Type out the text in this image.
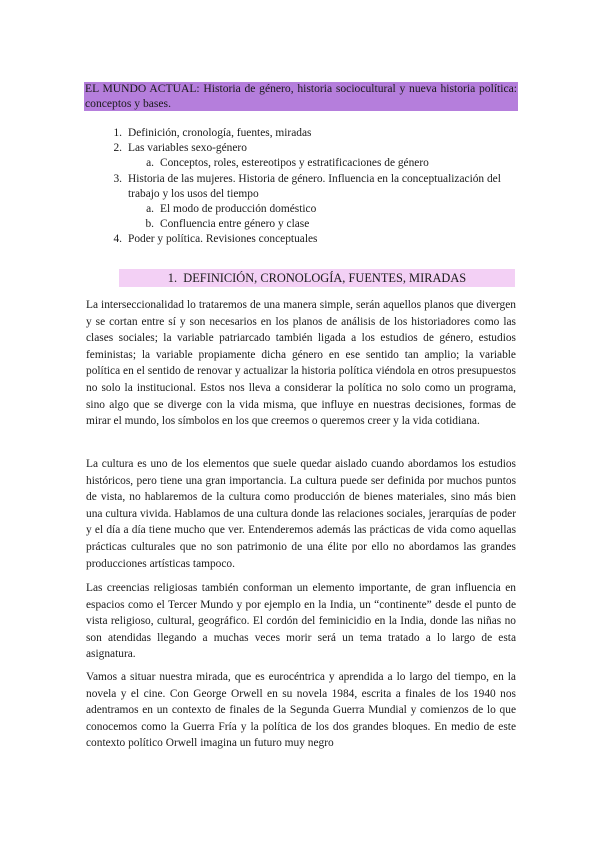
EL MUNDO ACTUAL: Historia de género, historia sociocultural y nueva historia política: conceptos y bases.
1. Definición, cronología, fuentes, miradas
2. Las variables sexo-género
a. Conceptos, roles, estereotipos y estratificaciones de género
3. Historia de las mujeres. Historia de género. Influencia en la conceptualización del trabajo y los usos del tiempo
a. El modo de producción doméstico
b. Confluencia entre género y clase
4. Poder y política. Revisiones conceptuales
1. DEFINICIÓN, CRONOLOGÍA, FUENTES, MIRADAS

La interseccionalidad lo trataremos de una manera simple, serán aquellos planos que divergen y se cortan entre sí y son necesarios en los planos de análisis de los historiadores como las clases sociales; la variable patriarcado también ligada a los estudios de género, estudios feministas; la variable propiamente dicha género en ese sentido tan amplio; la variable política en el sentido de renovar y actualizar la historia política viéndola en otros presupuestos no solo la institucional. Estos nos lleva a considerar la política no solo como un programa, sino algo que se diverge con la vida misma, que influye en nuestras decisiones, formas de mirar el mundo, los símbolos en los que creemos o queremos creer y la vida cotidiana.

La cultura es uno de los elementos que suele quedar aislado cuando abordamos los estudios históricos, pero tiene una gran importancia. La cultura puede ser definida por muchos puntos de vista, no hablaremos de la cultura como producción de bienes materiales, sino más bien una cultura vivida. Hablamos de una cultura donde las relaciones sociales, jerarquías de poder y el día a día tiene mucho que ver. Entenderemos además las prácticas de vida como aquellas prácticas culturales que no son patrimonio de una élite por ello no abordamos las grandes producciones artísticas tampoco.

Las creencias religiosas también conforman un elemento importante, de gran influencia en espacios como el Tercer Mundo y por ejemplo en la India, un “continente” desde el punto de vista religioso, cultural, geográfico. El cordón del feminicidio en la India, donde las niñas no son atendidas llegando a muchas veces morir será un tema tratado a lo largo de esta asignatura.

Vamos a situar nuestra mirada, que es eurocéntrica y aprendida a lo largo del tiempo, en la novela y el cine. Con George Orwell en su novela 1984, escrita a finales de los 1940 nos adentramos en un contexto de finales de la Segunda Guerra Mundial y comienzos de lo que conocemos como la Guerra Fría y la política de los dos grandes bloques. En medio de este contexto político Orwell imagina un futuro muy negro
